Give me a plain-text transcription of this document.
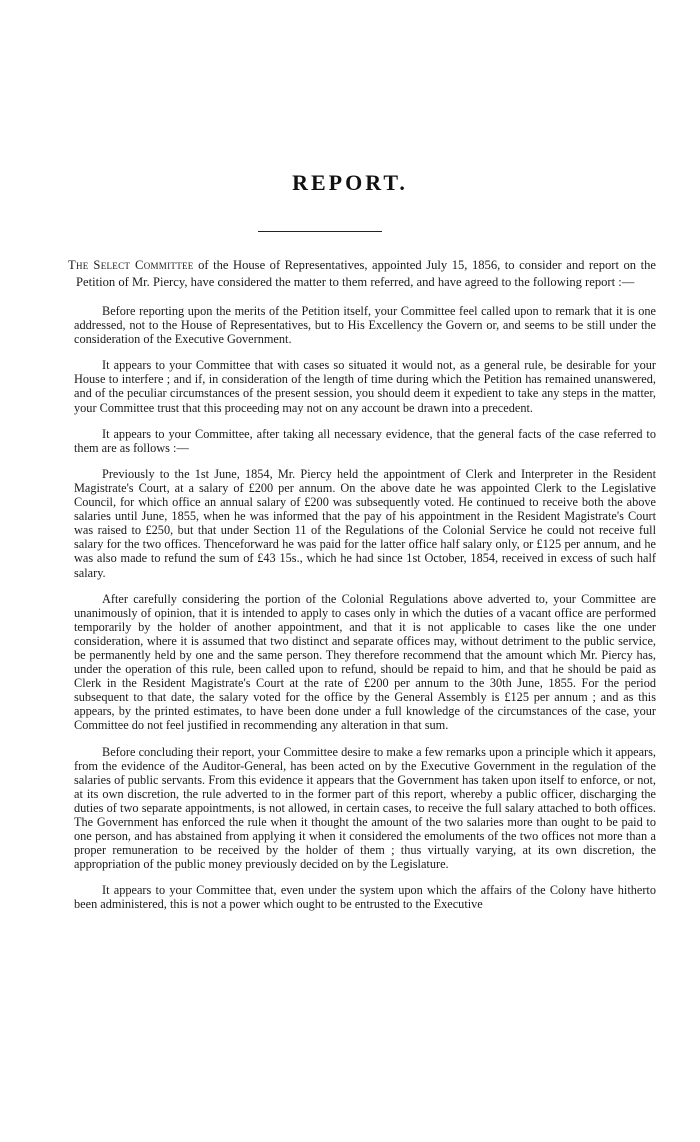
REPORT.

The Select Committee of the House of Representatives, appointed July 15, 1856, to consider and report on the Petition of Mr. Piercy, have considered the matter to them referred, and have agreed to the following report :—

Before reporting upon the merits of the Petition itself, your Committee feel called upon to remark that it is one addressed, not to the House of Representatives, but to His Excellency the Govern or, and seems to be still under the consideration of the Executive Government.

It appears to your Committee that with cases so situated it would not, as a general rule, be desirable for your House to interfere ; and if, in consideration of the length of time during which the Petition has remained unanswered, and of the peculiar circumstances of the present session, you should deem it expedient to take any steps in the matter, your Committee trust that this proceeding may not on any account be drawn into a precedent.

It appears to your Committee, after taking all necessary evidence, that the general facts of the case referred to them are as follows :—

Previously to the 1st June, 1854, Mr. Piercy held the appointment of Clerk and Interpreter in the Resident Magistrate's Court, at a salary of £200 per annum. On the above date he was appointed Clerk to the Legislative Council, for which office an annual salary of £200 was subsequently voted. He continued to receive both the above salaries until June, 1855, when he was informed that the pay of his appointment in the Resident Magistrate's Court was raised to £250, but that under Section 11 of the Regulations of the Colonial Service he could not receive full salary for the two offices. Thenceforward he was paid for the latter office half salary only, or £125 per annum, and he was also made to refund the sum of £43 15s., which he had since 1st October, 1854, received in excess of such half salary.

After carefully considering the portion of the Colonial Regulations above adverted to, your Committee are unanimously of opinion, that it is intended to apply to cases only in which the duties of a vacant office are performed temporarily by the holder of another appointment, and that it is not applicable to cases like the one under consideration, where it is assumed that two distinct and separate offices may, without detriment to the public service, be permanently held by one and the same person. They therefore recommend that the amount which Mr. Piercy has, under the operation of this rule, been called upon to refund, should be repaid to him, and that he should be paid as Clerk in the Resident Magistrate's Court at the rate of £200 per annum to the 30th June, 1855. For the period subsequent to that date, the salary voted for the office by the General Assembly is £125 per annum ; and as this appears, by the printed estimates, to have been done under a full knowledge of the circumstances of the case, your Committee do not feel justified in recommending any alteration in that sum.

Before concluding their report, your Committee desire to make a few remarks upon a principle which it appears, from the evidence of the Auditor-General, has been acted on by the Executive Government in the regulation of the salaries of public servants. From this evidence it appears that the Government has taken upon itself to enforce, or not, at its own discretion, the rule adverted to in the former part of this report, whereby a public officer, discharging the duties of two separate appointments, is not allowed, in certain cases, to receive the full salary attached to both offices. The Government has enforced the rule when it thought the amount of the two salaries more than ought to be paid to one person, and has abstained from applying it when it considered the emoluments of the two offices not more than a proper remuneration to be received by the holder of them ; thus virtually varying, at its own discretion, the appropriation of the public money previously decided on by the Legislature.

It appears to your Committee that, even under the system upon which the affairs of the Colony have hitherto been administered, this is not a power which ought to be entrusted to the Executive
